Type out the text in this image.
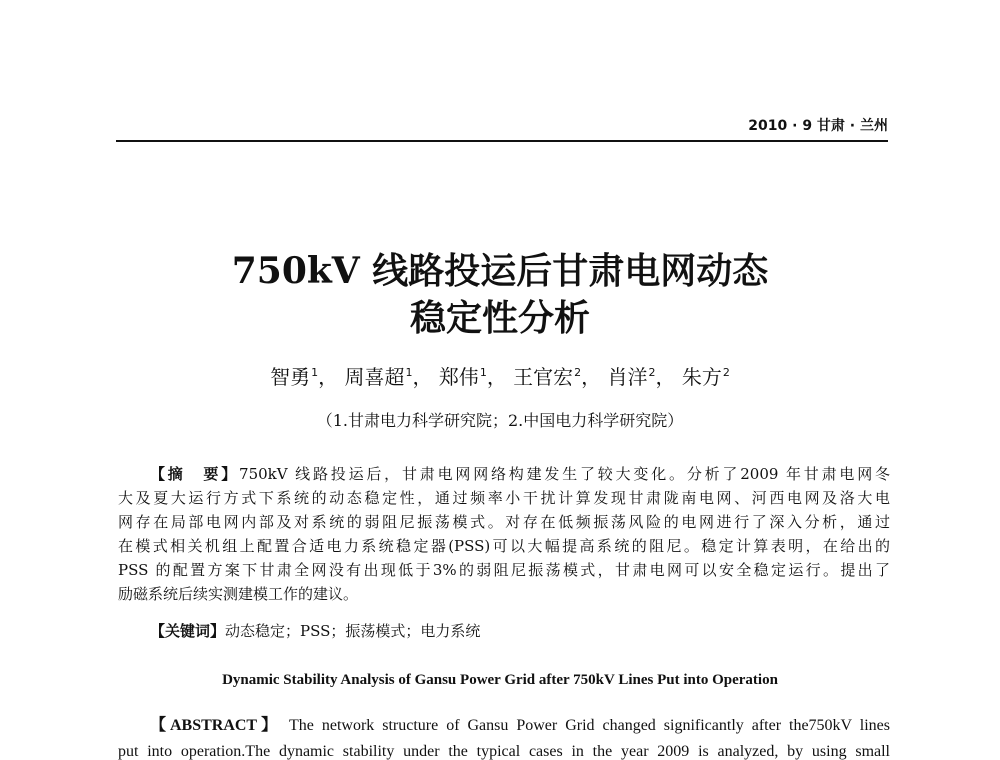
2010 · 9 甘肃 · 兰州
750kV 线路投运后甘肃电网动态
稳定性分析
智勇$^1$， 周喜超$^1$， 郑伟$^1$， 王官宏$^2$， 肖洋$^2$， 朱方$^2$
（1.甘肃电力科学研究院；2.中国电力科学研究院）
【摘　要】750kV 线路投运后，甘肃电网网络构建发生了较大变化。分析了2009 年甘肃电网冬
大及夏大运行方式下系统的动态稳定性，通过频率小干扰计算发现甘肃陇南电网、河西电网及洛大电
网存在局部电网内部及对系统的弱阻尼振荡模式。对存在低频振荡风险的电网进行了深入分析，通过
在模式相关机组上配置合适电力系统稳定器(PSS)可以大幅提高系统的阻尼。稳定计算表明，在给出的
PSS 的配置方案下甘肃全网没有出现低于3%的弱阻尼振荡模式，甘肃电网可以安全稳定运行。提出了
励磁系统后续实测建模工作的建议。
【关键词】动态稳定；PSS；振荡模式；电力系统
Dynamic Stability Analysis of Gansu Power Grid after 750kV Lines Put into Operation
【ABSTRACT】 The network structure of Gansu Power Grid changed significantly after the750kV lines
put into operation.The dynamic stability under the typical cases in the year 2009 is analyzed, by using small
